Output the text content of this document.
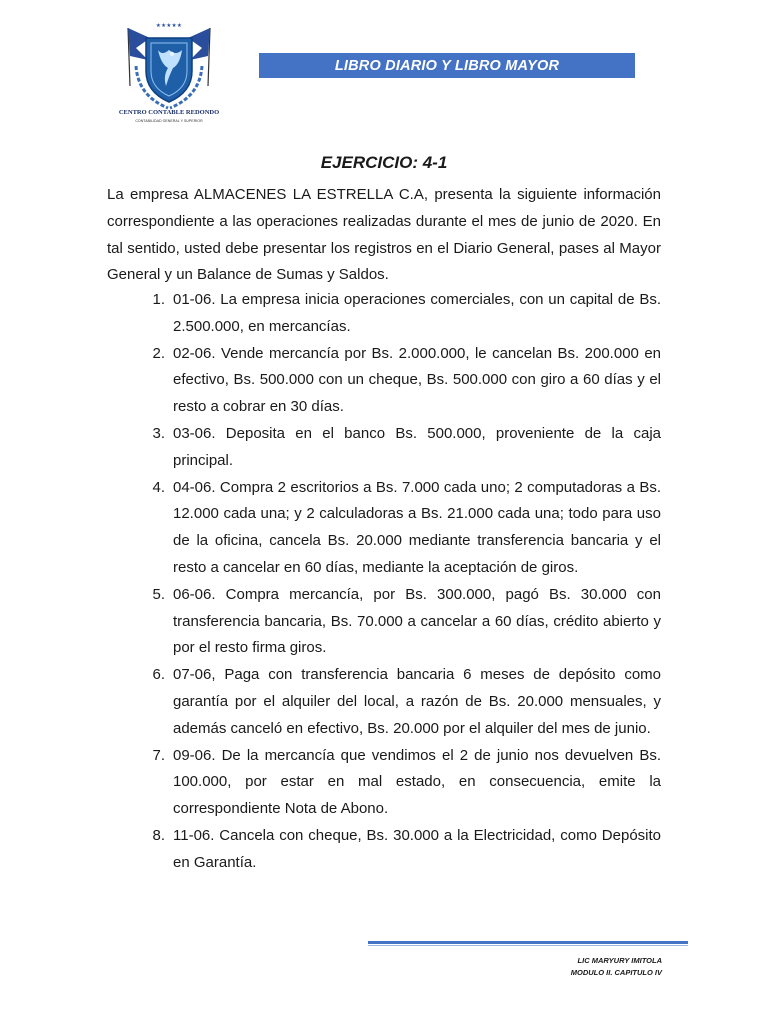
★★★★★
CENTRO CONTABLE REDONDO
CONTABILIDAD GENERAL Y SUPERIOR
LIBRO DIARIO Y LIBRO MAYOR
EJERCICIO: 4-1
La empresa ALMACENES LA ESTRELLA C.A, presenta la siguiente información correspondiente a las operaciones realizadas durante el mes de junio de 2020. En tal sentido, usted debe presentar los registros en el Diario General, pases al Mayor General y un Balance de Sumas y Saldos.
1. 01-06. La empresa inicia operaciones comerciales, con un capital de Bs. 2.500.000, en mercancías.
2. 02-06. Vende mercancía por Bs. 2.000.000, le cancelan Bs. 200.000 en efectivo, Bs. 500.000 con un cheque, Bs. 500.000 con giro a 60 días y el resto a cobrar en 30 días.
3. 03-06. Deposita en el banco Bs. 500.000, proveniente de la caja principal.
4. 04-06. Compra 2 escritorios a Bs. 7.000 cada uno; 2 computadoras a Bs. 12.000 cada una; y 2 calculadoras a Bs. 21.000 cada una; todo para uso de la oficina, cancela Bs. 20.000 mediante transferencia bancaria y el resto a cancelar en 60 días, mediante la aceptación de giros.
5. 06-06. Compra mercancía, por Bs. 300.000, pagó Bs. 30.000 con transferencia bancaria, Bs. 70.000 a cancelar a 60 días, crédito abierto y por el resto firma giros.
6. 07-06, Paga con transferencia bancaria 6 meses de depósito como garantía por el alquiler del local, a razón de Bs. 20.000 mensuales, y además canceló en efectivo, Bs. 20.000 por el alquiler del mes de junio.
7. 09-06. De la mercancía que vendimos el 2 de junio nos devuelven Bs. 100.000, por estar en mal estado, en consecuencia, emite la correspondiente Nota de Abono.
8. 11-06. Cancela con cheque, Bs. 30.000 a la Electricidad, como Depósito en Garantía.
LIC MARYURY IMITOLA
MODULO II. CAPITULO IV
